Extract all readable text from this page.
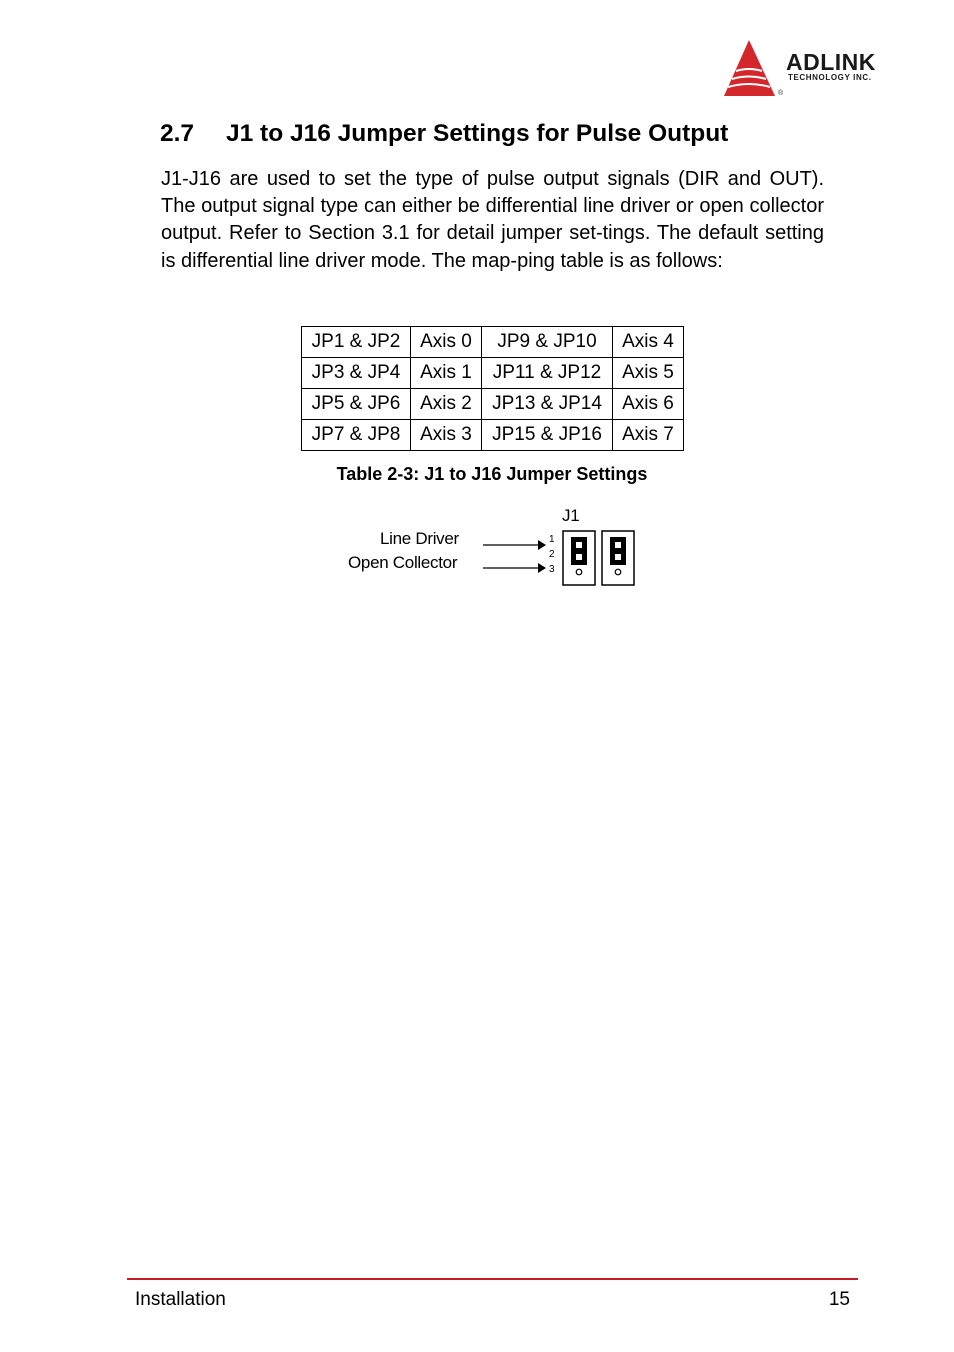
ADLINK
TECHNOLOGY INC.
®
2.7 J1 to J16 Jumper Settings for Pulse Output

J1-J16 are used to set the type of pulse output signals (DIR and OUT). The output signal type can either be differential line driver or open collector output. Refer to Section 3.1 for detail jumper set-tings. The default setting is differential line driver mode. The map-ping table is as follows:

JP1 & JP2	Axis 0	JP9 & JP10	Axis 4
JP3 & JP4	Axis 1	JP11 & JP12	Axis 5
JP5 & JP6	Axis 2	JP13 & JP14	Axis 6
JP7 & JP8	Axis 3	JP15 & JP16	Axis 7

Table 2-3: J1 to J16 Jumper Settings

J1
Line Driver
Open Collector
1
2
3
Installation	15
